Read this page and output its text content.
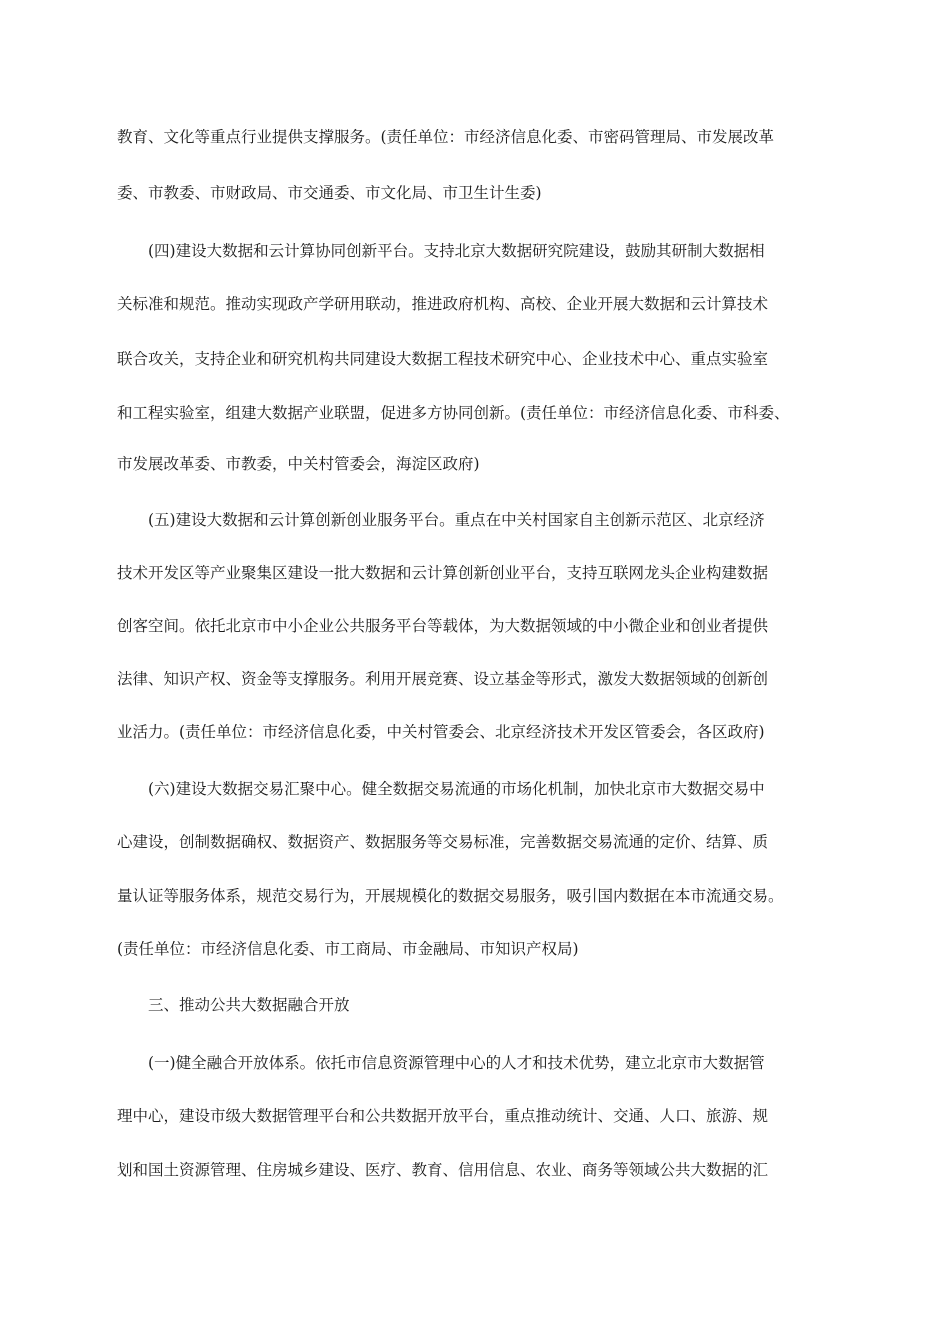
教育、文化等重点行业提供支撑服务。(责任单位：市经济信息化委、市密码管理局、市发展改革
委、市教委、市财政局、市交通委、市文化局、市卫生计生委)
(四)建设大数据和云计算协同创新平台。支持北京大数据研究院建设，鼓励其研制大数据相
关标准和规范。推动实现政产学研用联动，推进政府机构、高校、企业开展大数据和云计算技术
联合攻关，支持企业和研究机构共同建设大数据工程技术研究中心、企业技术中心、重点实验室
和工程实验室，组建大数据产业联盟，促进多方协同创新。(责任单位：市经济信息化委、市科委、
市发展改革委、市教委，中关村管委会，海淀区政府)
(五)建设大数据和云计算创新创业服务平台。重点在中关村国家自主创新示范区、北京经济
技术开发区等产业聚集区建设一批大数据和云计算创新创业平台，支持互联网龙头企业构建数据
创客空间。依托北京市中小企业公共服务平台等载体，为大数据领域的中小微企业和创业者提供
法律、知识产权、资金等支撑服务。利用开展竞赛、设立基金等形式，激发大数据领域的创新创
业活力。(责任单位：市经济信息化委，中关村管委会、北京经济技术开发区管委会，各区政府)
(六)建设大数据交易汇聚中心。健全数据交易流通的市场化机制，加快北京市大数据交易中
心建设，创制数据确权、数据资产、数据服务等交易标准，完善数据交易流通的定价、结算、质
量认证等服务体系，规范交易行为，开展规模化的数据交易服务，吸引国内数据在本市流通交易。
(责任单位：市经济信息化委、市工商局、市金融局、市知识产权局)
三、推动公共大数据融合开放
(一)健全融合开放体系。依托市信息资源管理中心的人才和技术优势，建立北京市大数据管
理中心，建设市级大数据管理平台和公共数据开放平台，重点推动统计、交通、人口、旅游、规
划和国土资源管理、住房城乡建设、医疗、教育、信用信息、农业、商务等领域公共大数据的汇
